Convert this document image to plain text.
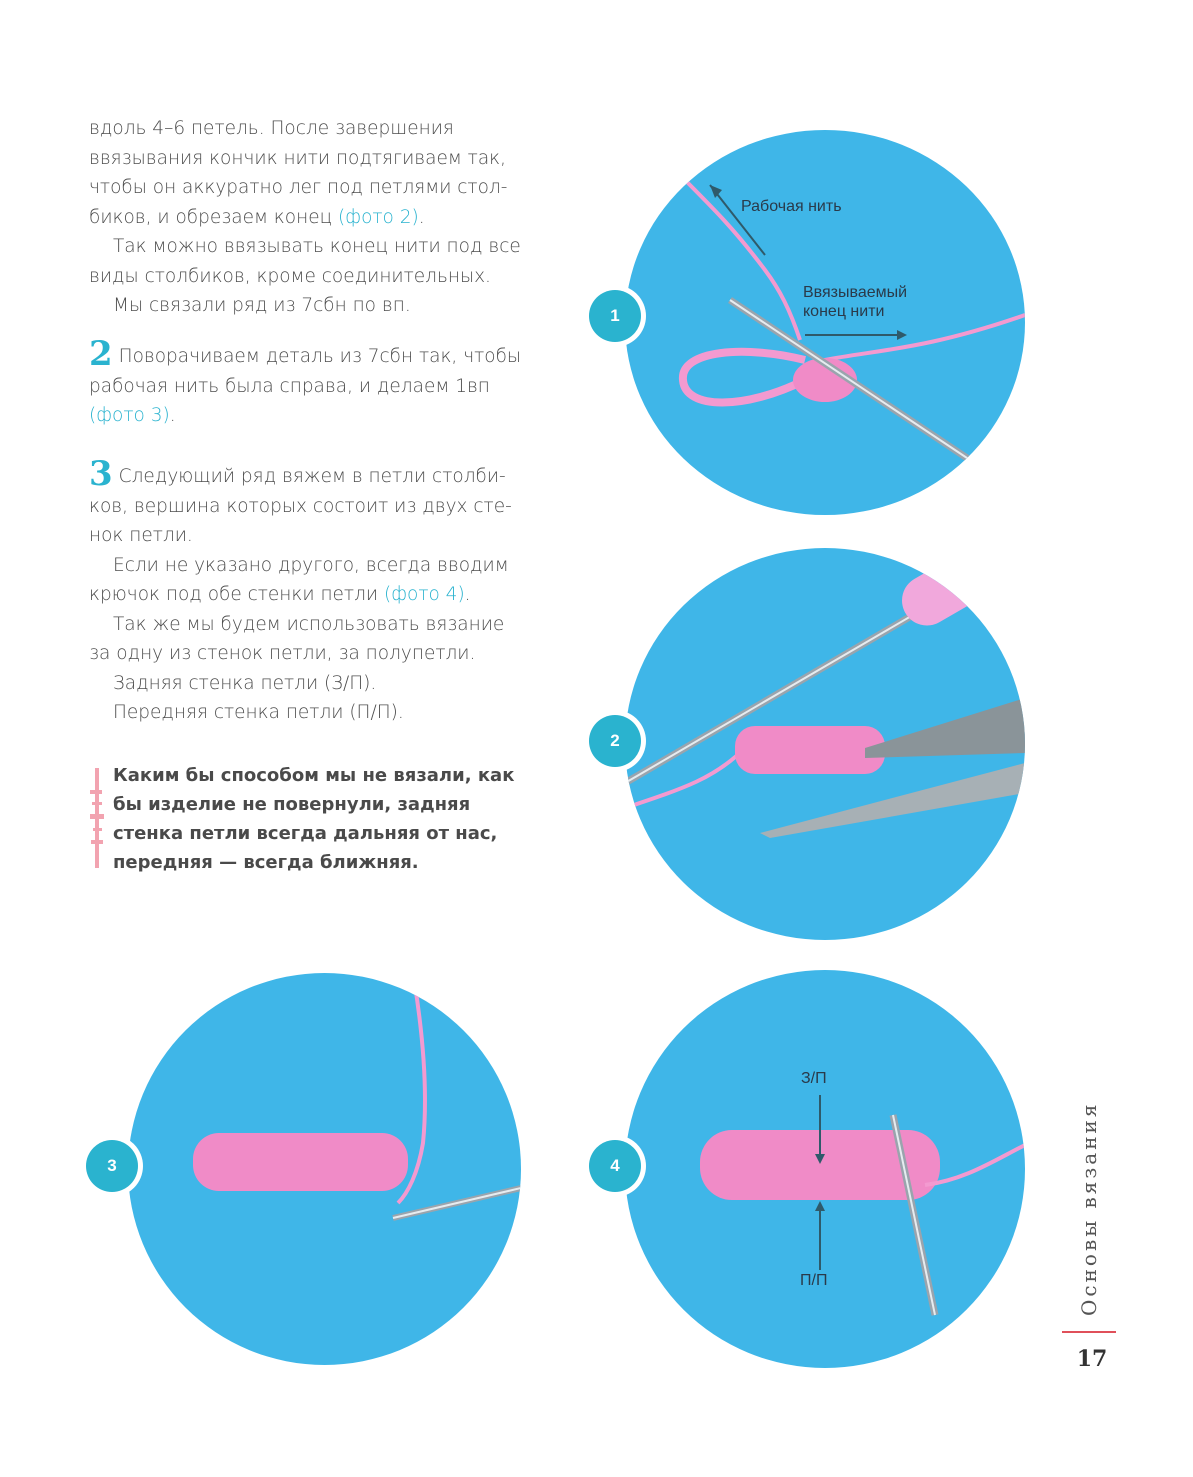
вдоль 4–6 петель. После завершения

ввязывания кончик нити подтягиваем так,

чтобы он аккуратно лег под петлями стол-

биков, и обрезаем конец (фото 2).

Так можно ввязывать конец нити под все

виды столбиков, кроме соединительных.

Мы связали ряд из 7сбн по вп.

2 Поворачиваем деталь из 7сбн так, чтобы

рабочая нить была справа, и делаем 1вп

(фото 3).

3 Следующий ряд вяжем в петли столби-

ков, вершина которых состоит из двух сте-

нок петли.

Если не указано другого, всегда вводим

крючок под обе стенки петли (фото 4).

Так же мы будем использовать вязание

за одну из стенок петли, за полупетли.

Задняя стенка петли (З/П).

Передняя стенка петли (П/П).

Каким бы способом мы не вязали, как

бы изделие не повернули, задняя

стенка петли всегда дальняя от нас,

передняя — всегда ближняя.

Рабочая нить
Ввязываемый
конец нити
1
2
3
З/П
П/П
4	Основы вязания
17
